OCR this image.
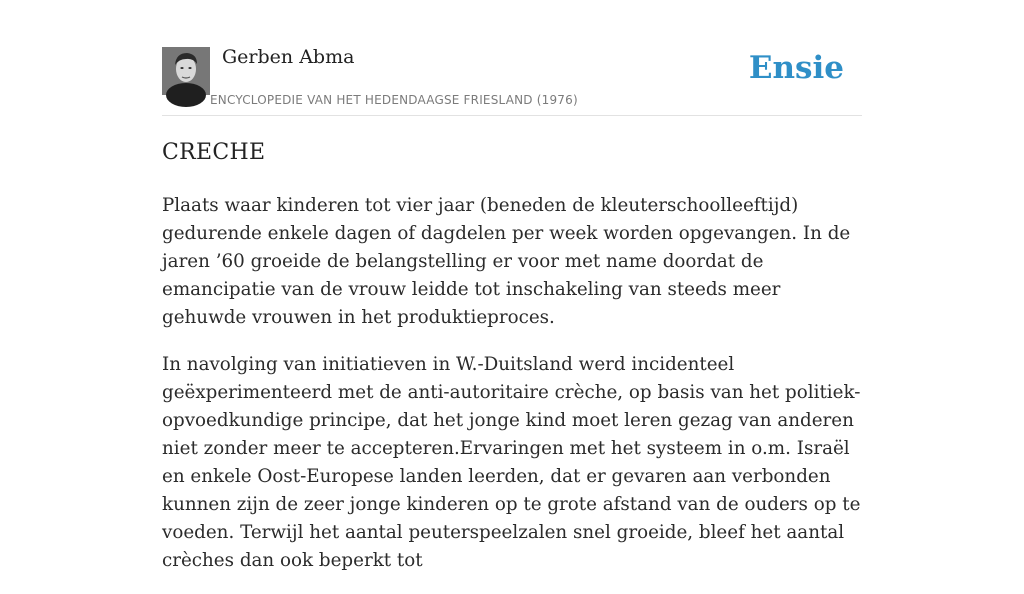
Gerben Abma
ENCYCLOPEDIE VAN HET HEDENDAAGSE FRIESLAND (1976)
Ensie
CRECHE

Plaats waar kinderen tot vier jaar (beneden de kleuterschoolleeftijd) gedurende enkele dagen of dagdelen per week worden opgevangen. In de jaren ’60 groeide de belangstelling er voor met name doordat de emancipatie van de vrouw leidde tot inschakeling van steeds meer gehuwde vrouwen in het produktieproces.

In navolging van initiatieven in W.-Duitsland werd incidenteel geëxperimenteerd met de anti-autoritaire crèche, op basis van het politiek-opvoedkundige principe, dat het jonge kind moet leren gezag van anderen niet zonder meer te accepteren.Ervaringen met het systeem in o.m. Israël en enkele Oost-Europese landen leerden, dat er gevaren aan verbonden kunnen zijn de zeer jonge kinderen op te grote afstand van de ouders op te voeden. Terwijl het aantal peuterspeelzalen snel groeide, bleef het aantal crèches dan ook beperkt tot
